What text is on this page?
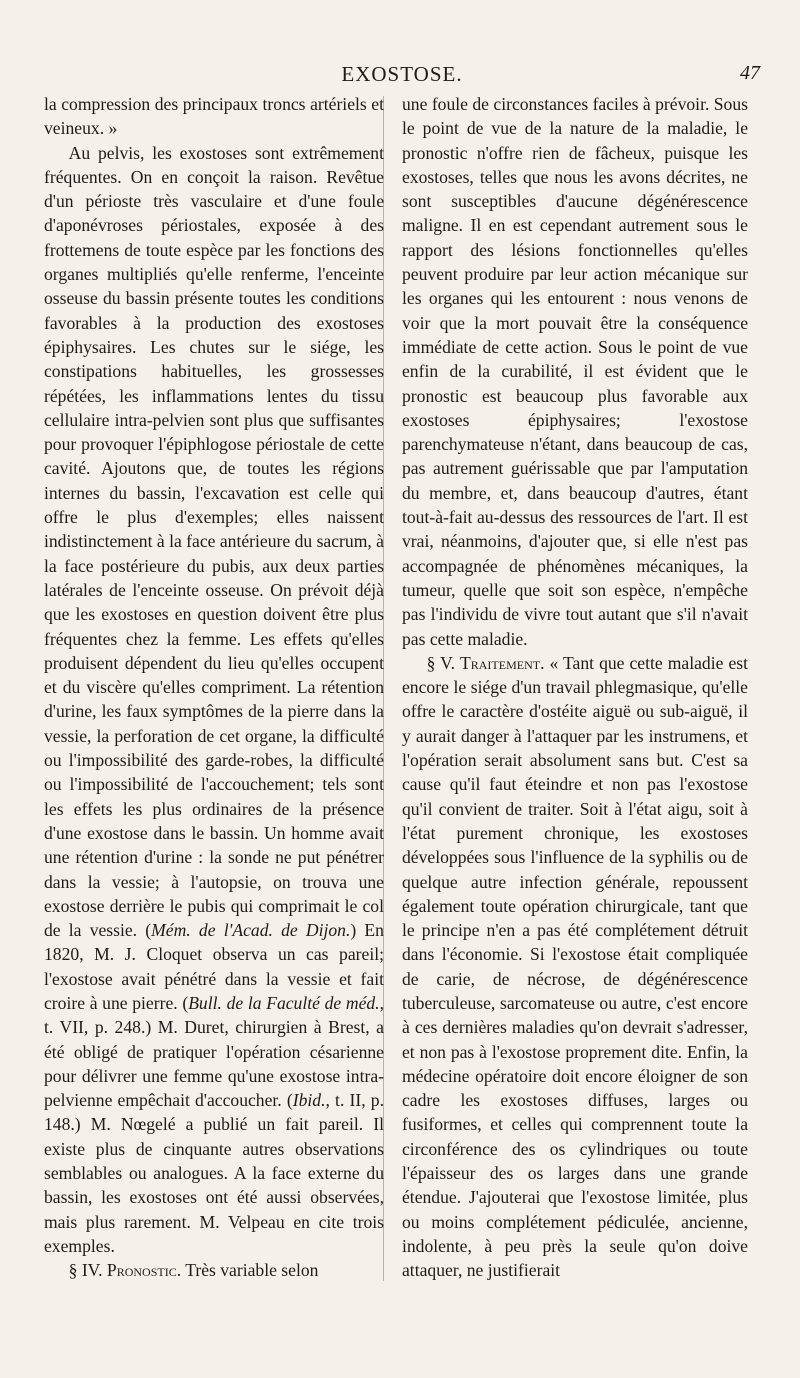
EXOSTOSE.	47

la compression des principaux troncs artériels et veineux. »

Au pelvis, les exostoses sont extrêmement fréquentes. On en conçoit la raison. Revêtue d'un périoste très vasculaire et d'une foule d'aponévroses périostales, exposée à des frottemens de toute espèce par les fonctions des organes multipliés qu'elle renferme, l'enceinte osseuse du bassin présente toutes les conditions favorables à la production des exostoses épiphysaires. Les chutes sur le siége, les constipations habituelles, les grossesses répétées, les inflammations lentes du tissu cellulaire intra-pelvien sont plus que suffisantes pour provoquer l'épiphlogose périostale de cette cavité. Ajoutons que, de toutes les régions internes du bassin, l'excavation est celle qui offre le plus d'exemples; elles naissent indistinctement à la face antérieure du sacrum, à la face postérieure du pubis, aux deux parties latérales de l'enceinte osseuse. On prévoit déjà que les exostoses en question doivent être plus fréquentes chez la femme. Les effets qu'elles produisent dépendent du lieu qu'elles occupent et du viscère qu'elles compriment. La rétention d'urine, les faux symptômes de la pierre dans la vessie, la perforation de cet organe, la difficulté ou l'impossibilité des garde-robes, la difficulté ou l'impossibilité de l'accouchement; tels sont les effets les plus ordinaires de la présence d'une exostose dans le bassin. Un homme avait une rétention d'urine : la sonde ne put pénétrer dans la vessie; à l'autopsie, on trouva une exostose derrière le pubis qui comprimait le col de la vessie. (Mém. de l'Acad. de Dijon.) En 1820, M. J. Cloquet observa un cas pareil; l'exostose avait pénétré dans la vessie et fait croire à une pierre. (Bull. de la Faculté de méd., t. VII, p. 248.) M. Duret, chirurgien à Brest, a été obligé de pratiquer l'opération césarienne pour délivrer une femme qu'une exostose intra-pelvienne empêchait d'accoucher. (Ibid., t. II, p. 148.) M. Nœgelé a publié un fait pareil. Il existe plus de cinquante autres observations semblables ou analogues. A la face externe du bassin, les exostoses ont été aussi observées, mais plus rarement. M. Velpeau en cite trois exemples.

§ IV. Pronostic. Très variable selon

une foule de circonstances faciles à prévoir. Sous le point de vue de la nature de la maladie, le pronostic n'offre rien de fâcheux, puisque les exostoses, telles que nous les avons décrites, ne sont susceptibles d'aucune dégénérescence maligne. Il en est cependant autrement sous le rapport des lésions fonctionnelles qu'elles peuvent produire par leur action mécanique sur les organes qui les entourent : nous venons de voir que la mort pouvait être la conséquence immédiate de cette action. Sous le point de vue enfin de la curabilité, il est évident que le pronostic est beaucoup plus favorable aux exostoses épiphysaires; l'exostose parenchymateuse n'étant, dans beaucoup de cas, pas autrement guérissable que par l'amputation du membre, et, dans beaucoup d'autres, étant tout-à-fait au-dessus des ressources de l'art. Il est vrai, néanmoins, d'ajouter que, si elle n'est pas accompagnée de phénomènes mécaniques, la tumeur, quelle que soit son espèce, n'empêche pas l'individu de vivre tout autant que s'il n'avait pas cette maladie.

§ V. Traitement. « Tant que cette maladie est encore le siége d'un travail phlegmasique, qu'elle offre le caractère d'ostéite aiguë ou sub-aiguë, il y aurait danger à l'attaquer par les instrumens, et l'opération serait absolument sans but. C'est sa cause qu'il faut éteindre et non pas l'exostose qu'il convient de traiter. Soit à l'état aigu, soit à l'état purement chronique, les exostoses développées sous l'influence de la syphilis ou de quelque autre infection générale, repoussent également toute opération chirurgicale, tant que le principe n'en a pas été complétement détruit dans l'économie. Si l'exostose était compliquée de carie, de nécrose, de dégénérescence tuberculeuse, sarcomateuse ou autre, c'est encore à ces dernières maladies qu'on devrait s'adresser, et non pas à l'exostose proprement dite. Enfin, la médecine opératoire doit encore éloigner de son cadre les exostoses diffuses, larges ou fusiformes, et celles qui comprennent toute la circonférence des os cylindriques ou toute l'épaisseur des os larges dans une grande étendue. J'ajouterai que l'exostose limitée, plus ou moins complétement pédiculée, ancienne, indolente, à peu près la seule qu'on doive attaquer, ne justifierait
